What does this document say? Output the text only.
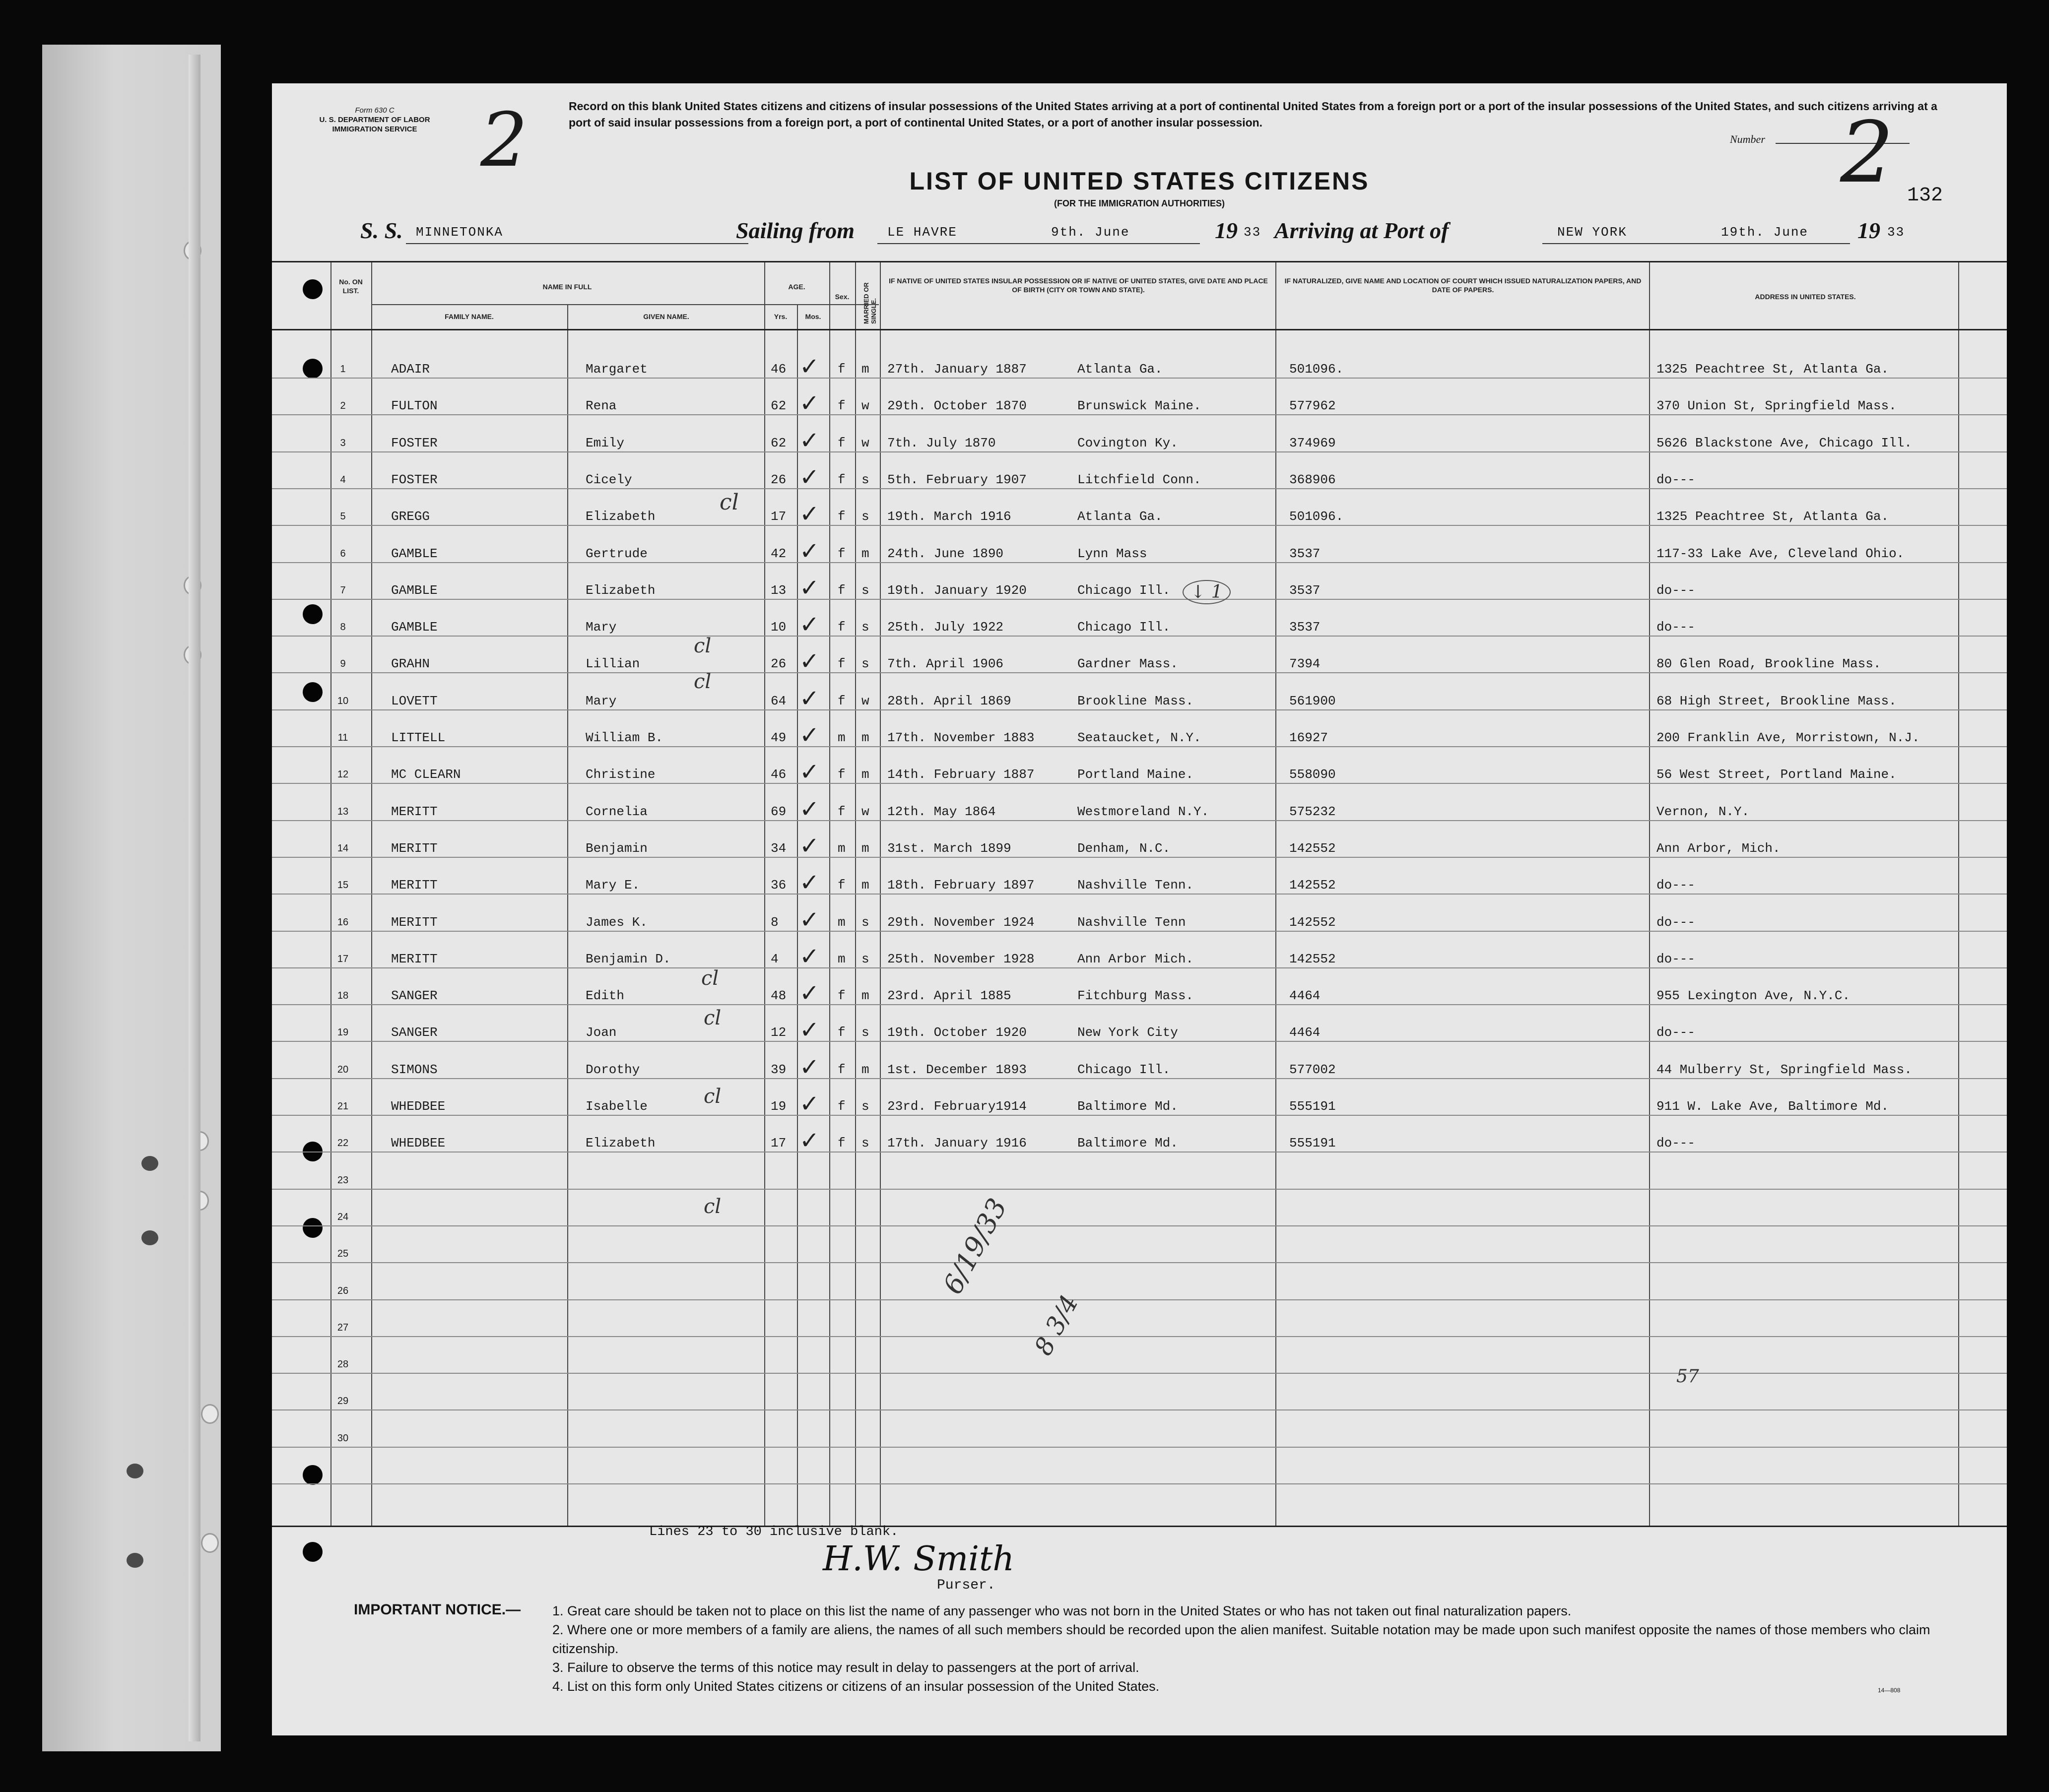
Form 630 C
U. S. DEPARTMENT OF LABOR
IMMIGRATION SERVICE 2	Record on this blank United States citizens and citizens of insular possessions of the United States arriving at a port of continental United States from a foreign port or a port of the insular possessions of the United States, and such citizens arriving at a port of said insular possessions from a foreign port, a port of continental United States, or a port of another insular possession.
LIST OF UNITED STATES CITIZENS
(FOR THE IMMIGRATION AUTHORITIES)
Number 2 132
S. S. MINNETONKA	Sailing from	LE HAVRE	9th. June	19 33 Arriving at Port of	NEW YORK	19th. June 19 33
No. ON LIST.	NAME IN FULL
FAMILY NAME.	GIVEN NAME.
AGE.
Yrs.	Mos.
Sex.	MARRIED OR SINGLE.
IF NATIVE OF UNITED STATES INSULAR POSSESSION OR IF NATIVE OF UNITED STATES, GIVE DATE AND PLACE OF BIRTH (CITY OR TOWN AND STATE).
IF NATURALIZED, GIVE NAME AND LOCATION OF COURT WHICH ISSUED NATURALIZATION PAPERS, AND DATE OF PAPERS.
ADDRESS IN UNITED STATES.
1	ADAIR	Margaret	46 ✓ f m 27th. January 1887	Atlanta Ga.	501096.	1325 Peachtree St, Atlanta Ga.
2	FULTON	Rena	62 ✓ f w 29th. October 1870	Brunswick Maine.	577962	370 Union St, Springfield Mass.
3	FOSTER	Emily	62 ✓ f w 7th. July 1870	Covington Ky.	374969	5626 Blackstone Ave, Chicago Ill.
4	FOSTER	Cicely	26 ✓ f s 5th. February 1907	Litchfield Conn.	368906	do---
5	GREGG	Elizabeth	17 ✓ f s 19th. March 1916	Atlanta Ga.	501096.	1325 Peachtree St, Atlanta Ga.
6	GAMBLE	Gertrude	42 ✓ f m 24th. June 1890	Lynn Mass	3537	117-33 Lake Ave, Cleveland Ohio.
7	GAMBLE	Elizabeth	13 ✓ f s 19th. January 1920	Chicago Ill.	3537	do---
8	GAMBLE	Mary	10 ✓ f s 25th. July 1922	Chicago Ill.	3537	do---
9	GRAHN	Lillian	26 ✓ f s 7th. April 1906	Gardner Mass.	7394	80 Glen Road, Brookline Mass.
10	LOVETT	Mary	64 ✓ f w 28th. April 1869	Brookline Mass.	561900	68 High Street, Brookline Mass.
11	LITTELL	William B.	49 ✓ m m 17th. November 1883	Seataucket, N.Y.	16927	200 Franklin Ave, Morristown, N.J.
12	MC CLEARN	Christine	46 ✓ f m 14th. February 1887	Portland Maine.	558090	56 West Street, Portland Maine.
13	MERITT	Cornelia	69 ✓ f w 12th. May 1864	Westmoreland N.Y.	575232	Vernon, N.Y.
14	MERITT	Benjamin	34 ✓ m m 31st. March 1899	Denham, N.C.	142552	Ann Arbor, Mich.
15	MERITT	Mary E.	36 ✓ f m 18th. February 1897	Nashville Tenn.	142552	do---
16	MERITT	James K.	8 ✓ m s 29th. November 1924	Nashville Tenn	142552	do---
17	MERITT	Benjamin D.	4 ✓ m s 25th. November 1928	Ann Arbor Mich.	142552	do---
18	SANGER	Edith	48 ✓ f m 23rd. April 1885	Fitchburg Mass.	4464	955 Lexington Ave, N.Y.C.
19	SANGER	Joan	12 ✓ f s 19th. October 1920	New York City	4464	do---
20	SIMONS	Dorothy	39 ✓ f m 1st. December 1893	Chicago Ill.	577002	44 Mulberry St, Springfield Mass.
21	WHEDBEE	Isabelle	19 ✓ f s 23rd. February1914	Baltimore Md.	555191	911 W. Lake Ave, Baltimore Md.
22	WHEDBEE	Elizabeth	17 ✓ f s 17th. January 1916	Baltimore Md.	555191	do---
23
24
25
26
27
28
29
30
cl
cl
cl
cl
cl
cl
cl
↓ 1
6/19/33
8 3/4
57
Lines 23 to 30 inclusive blank.
H.W. Smith
Purser.
IMPORTANT NOTICE.— 1. Great care should be taken not to place on this list the name of any passenger who was not born in the United States or who has not taken out final naturalization papers.
2. Where one or more members of a family are aliens, the names of all such members should be recorded upon the alien manifest. Suitable notation may be made upon such manifest opposite the names of those members who claim citizenship.
3. Failure to observe the terms of this notice may result in delay to passengers at the port of arrival.
4. List on this form only United States citizens or citizens of an insular possession of the United States.	14—808
